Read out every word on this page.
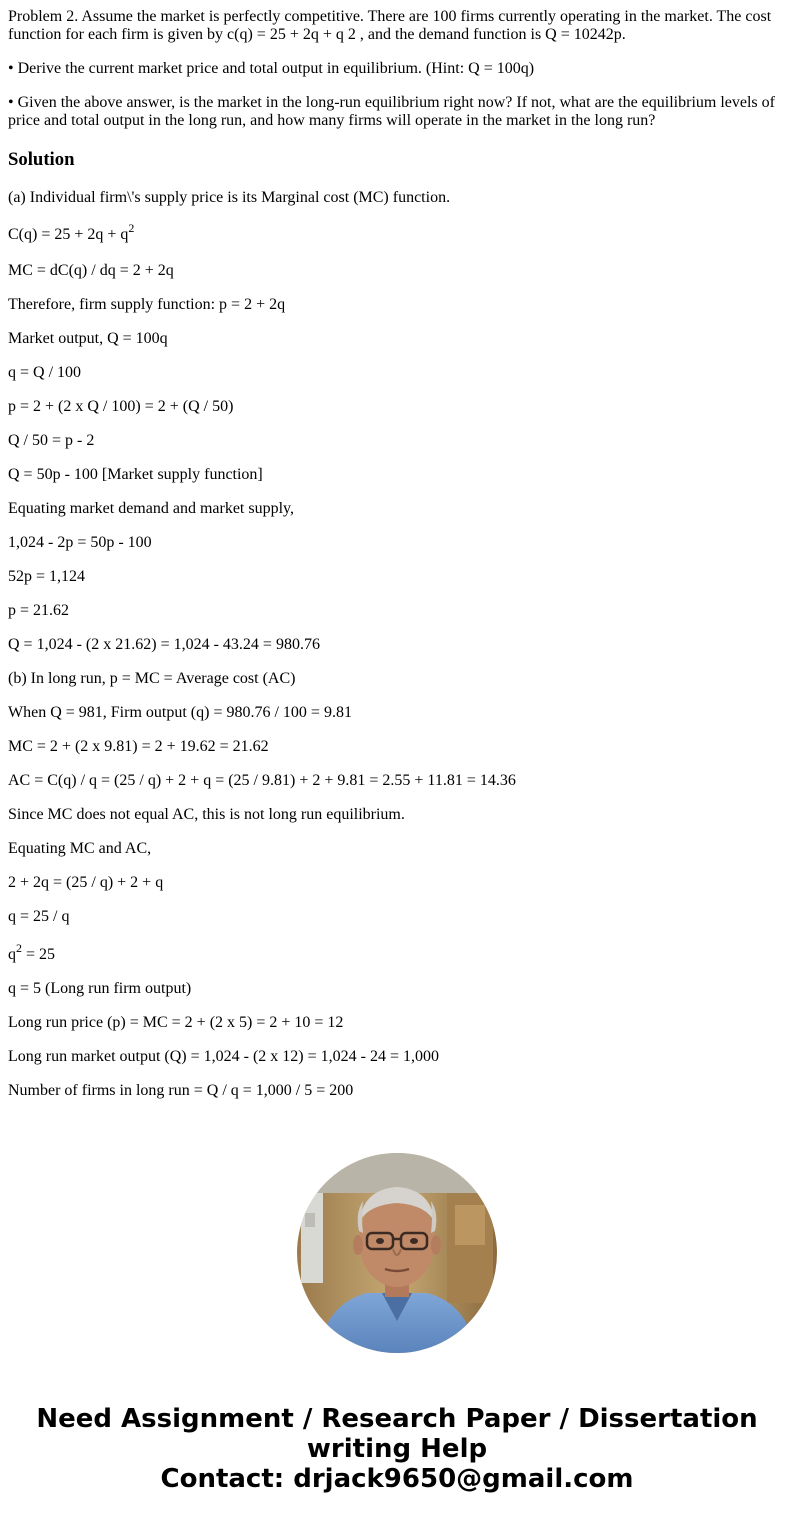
Problem 2. Assume the market is perfectly competitive. There are 100 firms currently operating in the market. The cost function for each firm is given by c(q) = 25 + 2q + q 2 , and the demand function is Q = 10242p.

• Derive the current market price and total output in equilibrium. (Hint: Q = 100q)

• Given the above answer, is the market in the long-run equilibrium right now? If not, what are the equilibrium levels of price and total output in the long run, and how many firms will operate in the market in the long run?

Solution
(a) Individual firm\'s supply price is its Marginal cost (MC) function.
$C(q) = 25 + 2q + q^2$
MC = dC(q) / dq = 2 + 2q
Therefore, firm supply function: p = 2 + 2q
Market output, Q = 100q
q = Q / 100
p = 2 + (2 x Q / 100) = 2 + (Q / 50)
Q / 50 = p - 2
Q = 50p - 100 [Market supply function]
Equating market demand and market supply,
1,024 - 2p = 50p - 100
52p = 1,124
p = 21.62
Q = 1,024 - (2 x 21.62) = 1,024 - 43.24 = 980.76
(b) In long run, p = MC = Average cost (AC)
When Q = 981, Firm output (q) = 980.76 / 100 = 9.81
MC = 2 + (2 x 9.81) = 2 + 19.62 = 21.62
AC = C(q) / q = (25 / q) + 2 + q = (25 / 9.81) + 2 + 9.81 = 2.55 + 11.81 = 14.36
Since MC does not equal AC, this is not long run equilibrium.
Equating MC and AC,
2 + 2q = (25 / q) + 2 + q
q = 25 / q
$q^2 = 25$
q = 5 (Long run firm output)
Long run price (p) = MC = 2 + (2 x 5) = 2 + 10 = 12
Long run market output (Q) = 1,024 - (2 x 12) = 1,024 - 24 = 1,000
Number of firms in long run = Q / q = 1,000 / 5 = 200
Need Assignment / Research Paper / Dissertation
writing Help
Contact: drjack9650@gmail.com
